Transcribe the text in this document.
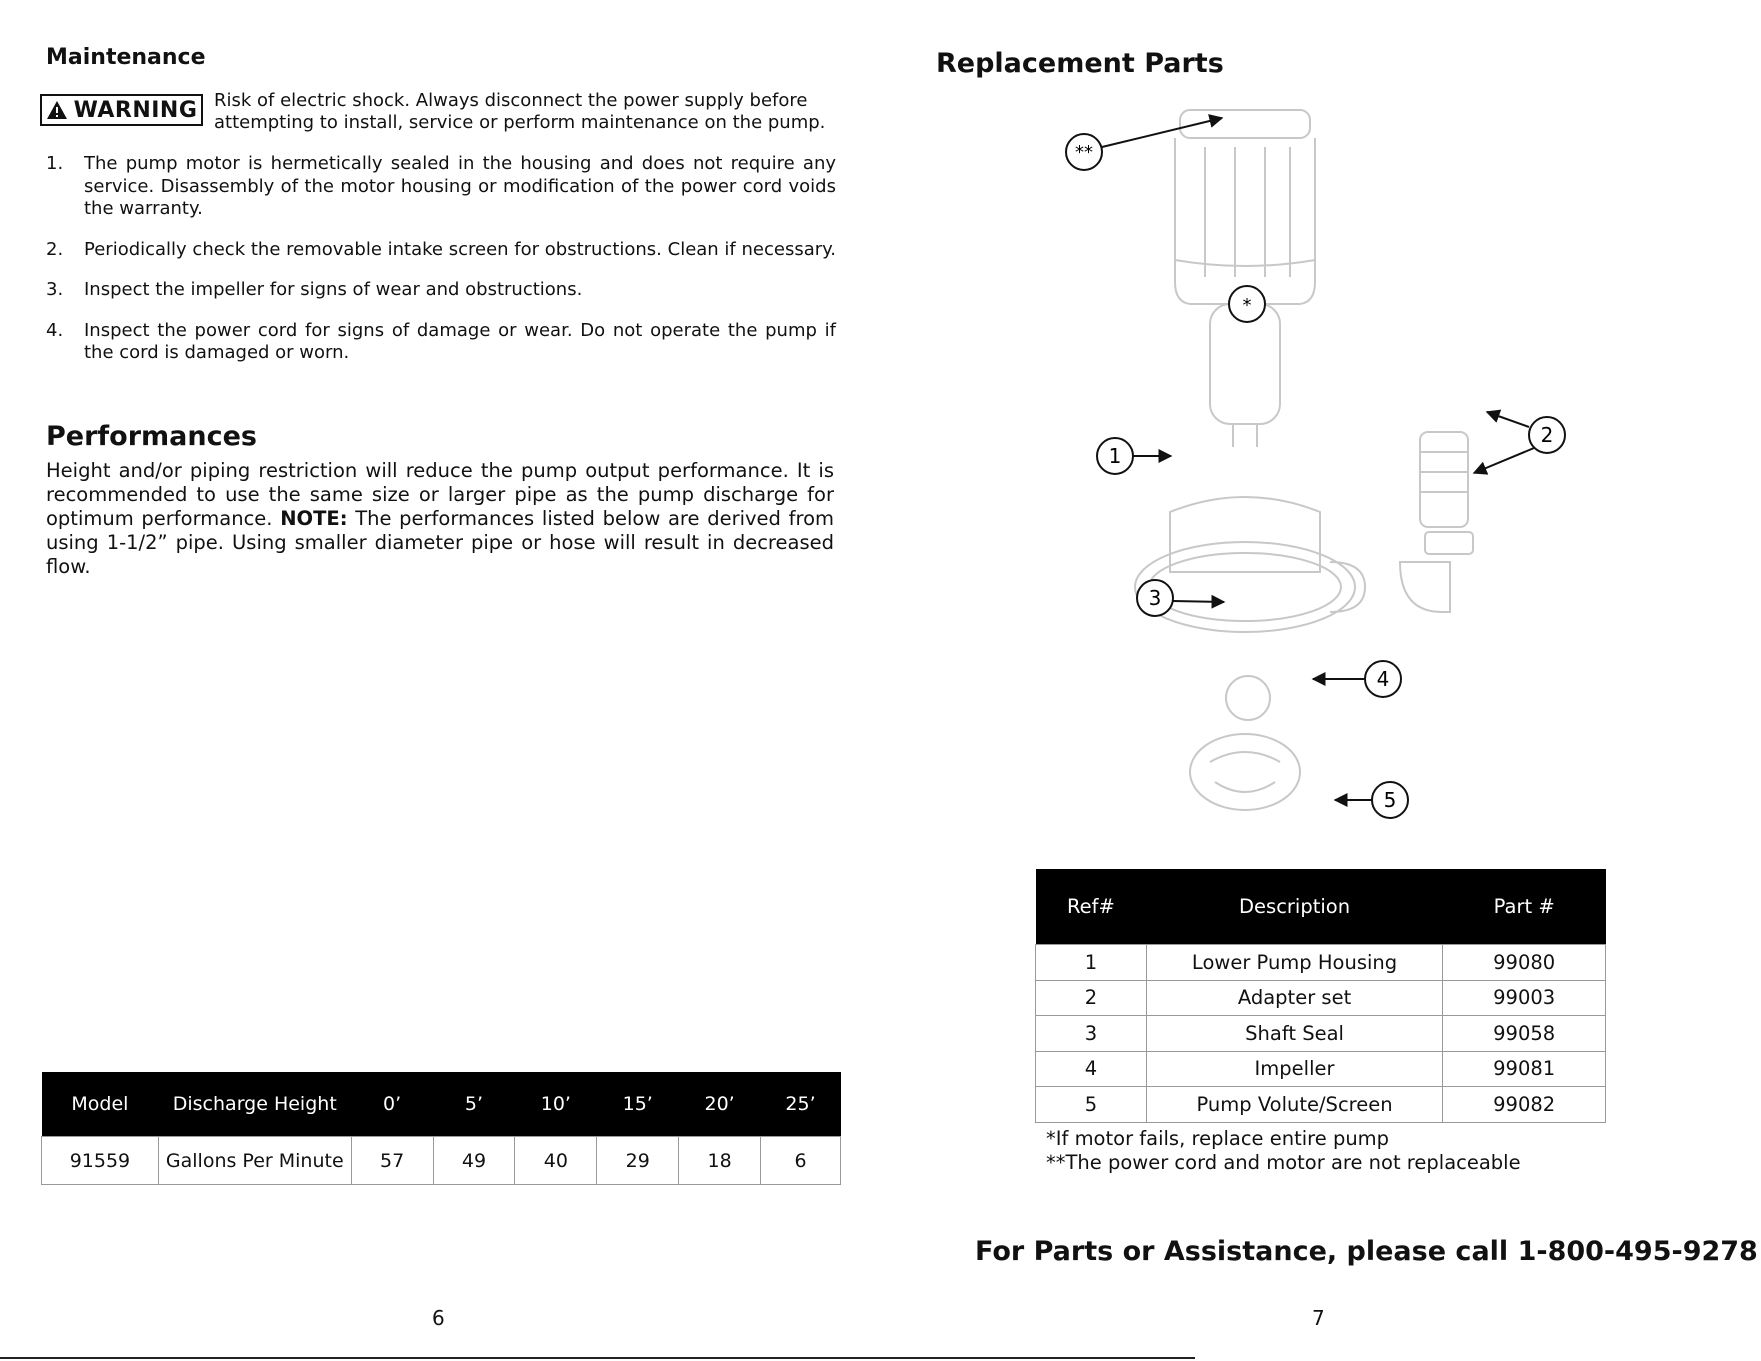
Maintenance
WARNING Risk of electric shock. Always disconnect the power supply before
attempting to install, service or perform maintenance on the pump.
1.	The pump motor is hermetically sealed in the housing and does not require any service. Disassembly of the motor housing or modification of the power cord voids the warranty.
2.	Periodically check the removable intake screen for obstructions. Clean if necessary.
3.	Inspect the impeller for signs of wear and obstructions.
4.	Inspect the power cord for signs of damage or wear. Do not operate the pump if the cord is damaged or worn.
Performances
Height and/or piping restriction will reduce the pump output performance. It is recommended to use the same size or larger pipe as the pump discharge for optimum performance. NOTE: The performances listed below are derived from using 1-1/2” pipe. Using smaller diameter pipe or hose will result in decreased flow.
Model	Discharge Height	0’	5’	10’	15’	20’	25’
91559	Gallons Per Minute	57	49	40	29	18	6
6
Replacement Parts
**
*
1
2
3
4
5
Ref#	Description	Part #
1	Lower Pump Housing	99080
2	Adapter set	99003
3	Shaft Seal	99058
4	Impeller	99081
5	Pump Volute/Screen	99082
*If motor fails, replace entire pump
**The power cord and motor are not replaceable
For Parts or Assistance, please call 1-800-495-9278
7
